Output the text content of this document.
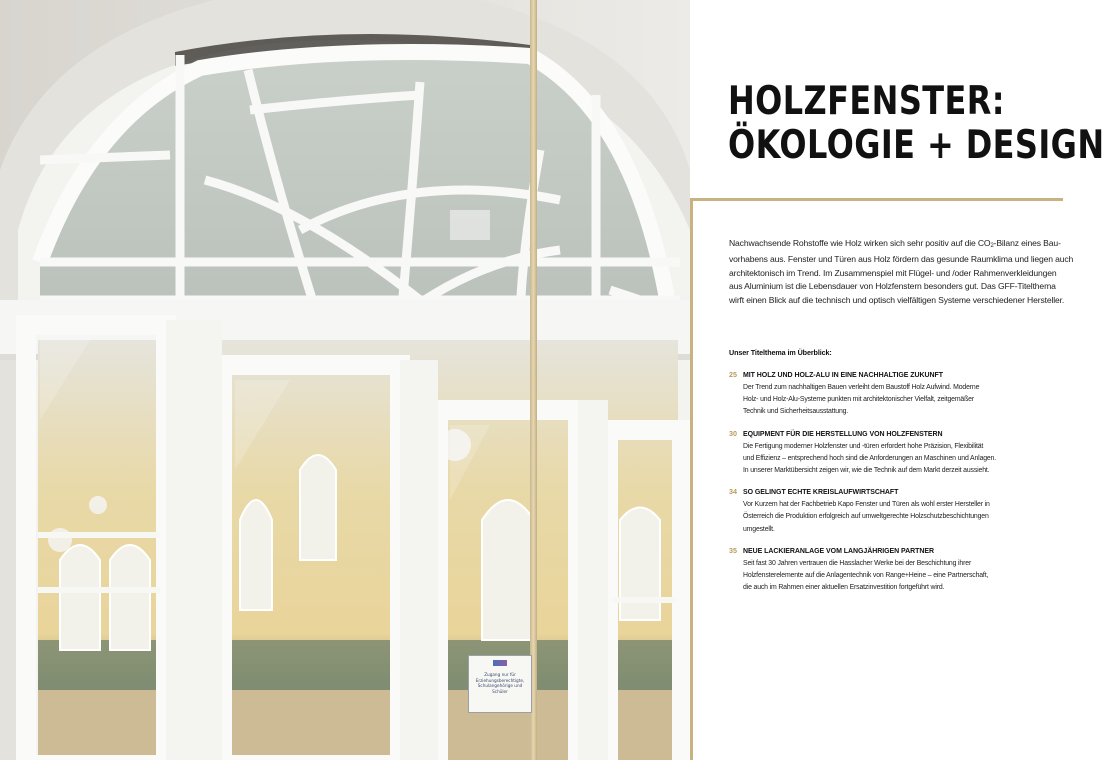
Zugang nur für
Erziehungsberechtigte,
Schulangehörige und Schüler
HOLZFENSTER:
ÖKOLOGIE + DESIGN
Nachwachsende Rohstoffe wie Holz wirken sich sehr positiv auf die $CO_2$-Bilanz eines Bau-
vorhabens aus. Fenster und Türen aus Holz fördern das gesunde Raumklima und liegen auch
architektonisch im Trend. Im Zusammenspiel mit Flügel- und /oder Rahmenverkleidungen
aus Aluminium ist die Lebensdauer von Holzfenstern besonders gut. Das GFF-Titelthema
wirft einen Blick auf die technisch und optisch vielfältigen Systeme verschiedener Hersteller.
Unser Titelthema im Überblick:
25 MIT HOLZ UND HOLZ-ALU IN EINE NACHHALTIGE ZUKUNFT
Der Trend zum nachhaltigen Bauen verleiht dem Baustoff Holz Aufwind. Moderne
Holz- und Holz-Alu-Systeme punkten mit architektonischer Vielfalt, zeitgemäßer
Technik und Sicherheitsausstattung.
30 EQUIPMENT FÜR DIE HERSTELLUNG VON HOLZFENSTERN
Die Fertigung moderner Holzfenster und -türen erfordert hohe Präzision, Flexibilität
und Effizienz – entsprechend hoch sind die Anforderungen an Maschinen und Anlagen.
In unserer Marktübersicht zeigen wir, wie die Technik auf dem Markt derzeit aussieht.
34 SO GELINGT ECHTE KREISLAUFWIRTSCHAFT
Vor Kurzem hat der Fachbetrieb Kapo Fenster und Türen als wohl erster Hersteller in
Österreich die Produktion erfolgreich auf umweltgerechte Holzschutzbeschichtungen
umgestellt.
35 NEUE LACKIERANLAGE VOM LANGJÄHRIGEN PARTNER
Seit fast 30 Jahren vertrauen die Hasslacher Werke bei der Beschichtung ihrer
Holzfensterelemente auf die Anlagentechnik von Range+Heine – eine Partnerschaft,
die auch im Rahmen einer aktuellen Ersatzinvestition fortgeführt wird.
